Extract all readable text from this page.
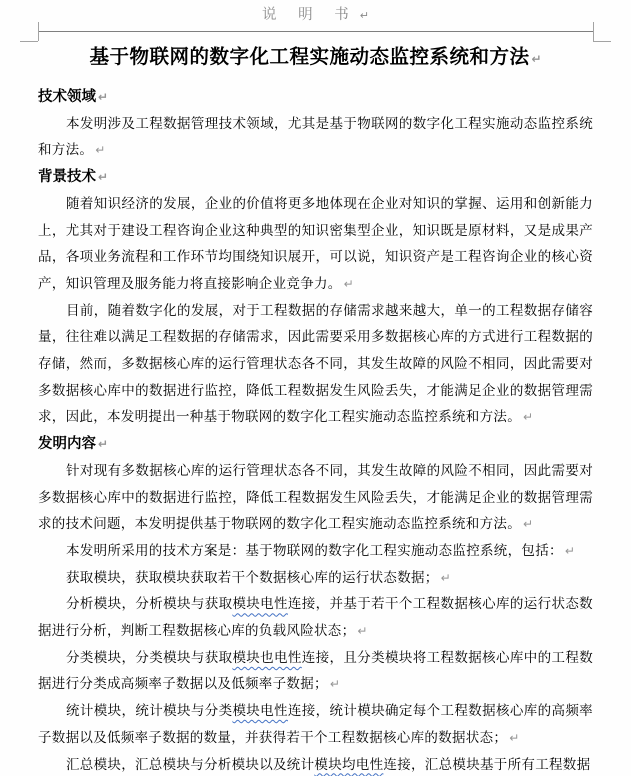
说 明 书 ↵
基于物联网的数字化工程实施动态监控系统和方法 ↵
技术领域 ↵
本发明涉及工程数据管理技术领域，尤其是基于物联网的数字化工程实施动态监控系统和方法。 ↵
背景技术 ↵
随着知识经济的发展，企业的价值将更多地体现在企业对知识的掌握、运用和创新能力上，尤其对于建设工程咨询企业这种典型的知识密集型企业，知识既是原材料，又是成果产品，各项业务流程和工作环节均围绕知识展开，可以说，知识资产是工程咨询企业的核心资产，知识管理及服务能力将直接影响企业竞争力。 ↵
目前，随着数字化的发展，对于工程数据的存储需求越来越大，单一的工程数据存储容量，往往难以满足工程数据的存储需求，因此需要采用多数据核心库的方式进行工程数据的存储，然而，多数据核心库的运行管理状态各不同，其发生故障的风险不相同，因此需要对多数据核心库中的数据进行监控，降低工程数据发生风险丢失，才能满足企业的数据管理需求，因此，本发明提出一种基于物联网的数字化工程实施动态监控系统和方法。 ↵
发明内容 ↵
针对现有多数据核心库的运行管理状态各不同，其发生故障的风险不相同，因此需要对多数据核心库中的数据进行监控，降低工程数据发生风险丢失，才能满足企业的数据管理需求的技术问题，本发明提供基于物联网的数字化工程实施动态监控系统和方法。 ↵
本发明所采用的技术方案是：基于物联网的数字化工程实施动态监控系统，包括： ↵
获取模块，获取模块获取若干个数据核心库的运行状态数据； ↵
分析模块，分析模块与获取模块电性连接，并基于若干个工程数据核心库的运行状态数据进行分析，判断工程数据核心库的负载风险状态； ↵
分类模块，分类模块与获取模块也电性连接，且分类模块将工程数据核心库中的工程数据进行分类成高频率子数据以及低频率子数据； ↵
统计模块，统计模块与分类模块电性连接，统计模块确定每个工程数据核心库的高频率子数据以及低频率子数据的数量，并获得若干个工程数据核心库的数据状态； ↵
汇总模块，汇总模块与分析模块以及统计模块均电性连接，汇总模块基于所有工程数据
